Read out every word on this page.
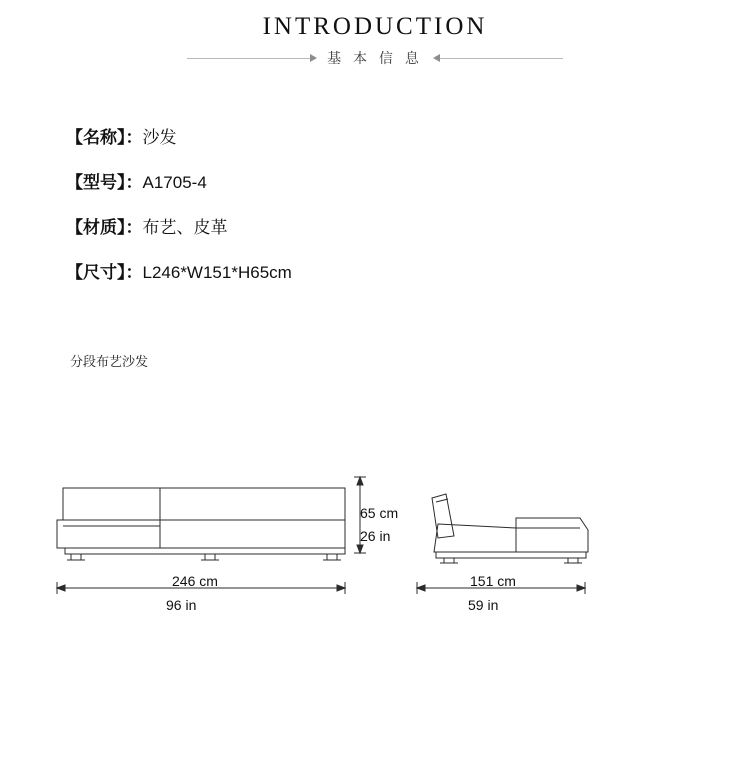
INTRODUCTION
基 本 信 息
【名称】：沙发
【型号】：A1705-4
【材质】：布艺、皮革
【尺寸】：L246*W151*H65cm
分段布艺沙发
65 cm
26 in
246 cm
96 in
151 cm
59 in
